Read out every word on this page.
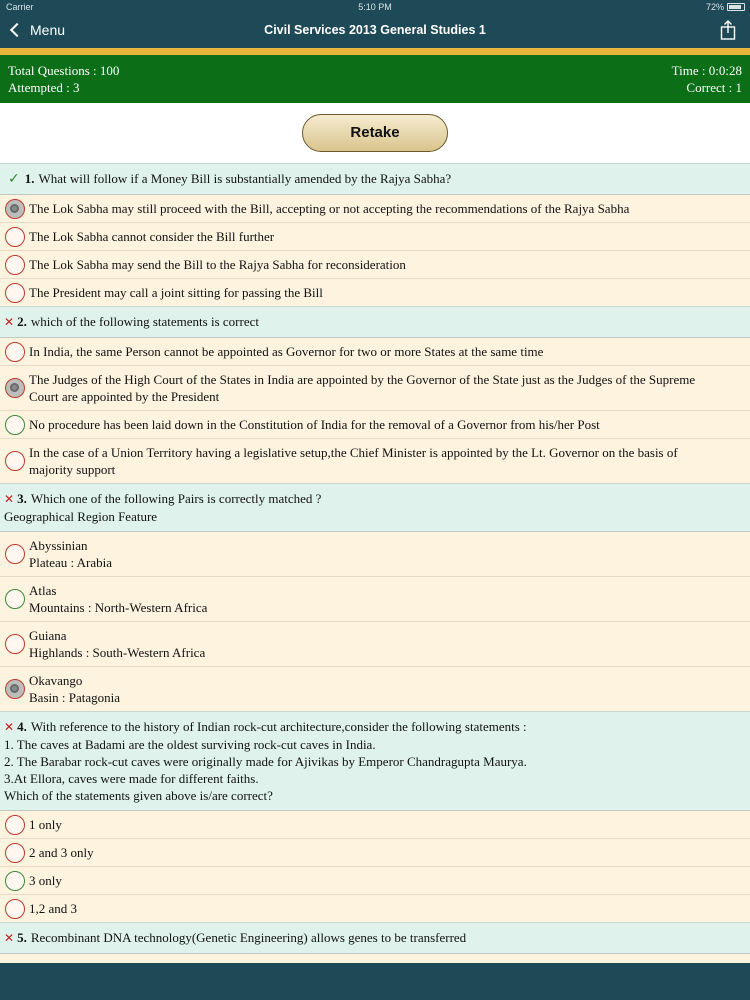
Carrier	5:10 PM	72%
Menu	Civil Services 2013 General Studies 1
Total Questions : 100
Attempted : 3
Time : 0:0:28
Correct : 1
Retake
✓ 1. What will follow if a Money Bill is substantially amended by the Rajya Sabha?
The Lok Sabha may still proceed with the Bill, accepting or not accepting the recommendations of the Rajya Sabha
The Lok Sabha cannot consider the Bill further
The Lok Sabha may send the Bill to the Rajya Sabha for reconsideration
The President may call a joint sitting for passing the Bill
✕ 2. which of the following statements is correct
In India, the same Person cannot be appointed as Governor for two or more States at the same time
The Judges of the High Court of the States in India are appointed by the Governor of the State just as the Judges of the Supreme
Court are appointed by the President
No procedure has been laid down in the Constitution of India for the removal of a Governor from his/her Post
In the case of a Union Territory having a legislative setup,the Chief Minister is appointed by the Lt. Governor on the basis of
majority support
✕ 3. Which one of the following Pairs is correctly matched ?
Geographical Region Feature
Abyssinian
Plateau : Arabia
Atlas
Mountains : North-Western Africa
Guiana
Highlands : South-Western Africa
Okavango
Basin : Patagonia
✕ 4. With reference to the history of Indian rock-cut architecture,consider the following statements :
1. The caves at Badami are the oldest surviving rock-cut caves in India.
2. The Barabar rock-cut caves were originally made for Ajivikas by Emperor Chandragupta Maurya.
3.At Ellora, caves were made for different faiths.
Which of the statements given above is/are correct?
1 only
2 and 3 only
3 only
1,2 and 3
✕ 5. Recombinant DNA technology(Genetic Engineering) allows genes to be transferred
